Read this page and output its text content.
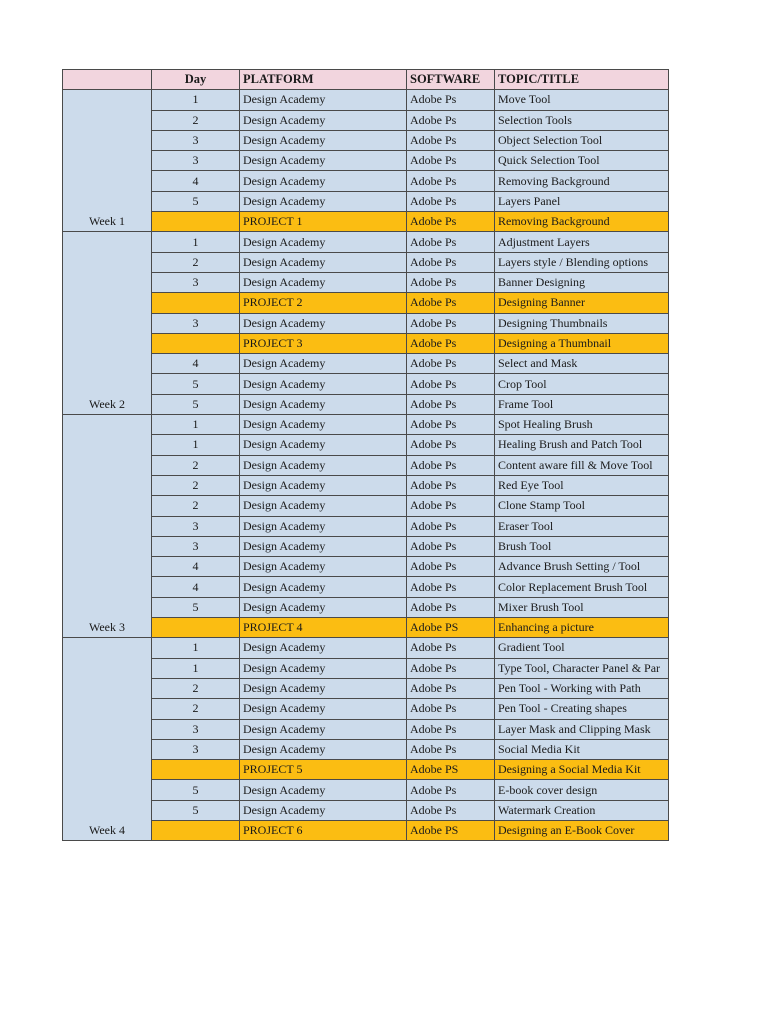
	Day	PLATFORM	SOFTWARE	TOPIC/TITLE
Week 1	1	Design Academy	Adobe Ps	Move Tool
	2	Design Academy	Adobe Ps	Selection Tools
	3	Design Academy	Adobe Ps	Object Selection Tool
	3	Design Academy	Adobe Ps	Quick Selection Tool
	4	Design Academy	Adobe Ps	Removing Background
	5	Design Academy	Adobe Ps	Layers Panel
		PROJECT 1	Adobe Ps	Removing Background
Week 2	1	Design Academy	Adobe Ps	Adjustment Layers
	2	Design Academy	Adobe Ps	Layers style / Blending options
	3	Design Academy	Adobe Ps	Banner Designing
		PROJECT 2	Adobe Ps	Designing Banner
	3	Design Academy	Adobe Ps	Designing Thumbnails
		PROJECT 3	Adobe Ps	Designing a Thumbnail
	4	Design Academy	Adobe Ps	Select and Mask
	5	Design Academy	Adobe Ps	Crop Tool
	5	Design Academy	Adobe Ps	Frame Tool
Week 3	1	Design Academy	Adobe Ps	Spot Healing Brush
	1	Design Academy	Adobe Ps	Healing Brush and Patch Tool
	2	Design Academy	Adobe Ps	Content aware fill & Move Tool
	2	Design Academy	Adobe Ps	Red Eye Tool
	2	Design Academy	Adobe Ps	Clone Stamp Tool
	3	Design Academy	Adobe Ps	Eraser Tool
	3	Design Academy	Adobe Ps	Brush Tool
	4	Design Academy	Adobe Ps	Advance Brush Setting / Tool
	4	Design Academy	Adobe Ps	Color Replacement Brush Tool
	5	Design Academy	Adobe Ps	Mixer Brush Tool
		PROJECT 4	Adobe PS	Enhancing a picture
Week 4	1	Design Academy	Adobe Ps	Gradient Tool
	1	Design Academy	Adobe Ps	Type Tool, Character Panel & Par
	2	Design Academy	Adobe Ps	Pen Tool - Working with Path
	2	Design Academy	Adobe Ps	Pen Tool - Creating shapes
	3	Design Academy	Adobe Ps	Layer Mask and Clipping Mask
	3	Design Academy	Adobe Ps	Social Media Kit
		PROJECT 5	Adobe PS	Designing a Social Media Kit
	5	Design Academy	Adobe Ps	E-book cover design
	5	Design Academy	Adobe Ps	Watermark Creation
		PROJECT 6	Adobe PS	Designing an E-Book Cover
